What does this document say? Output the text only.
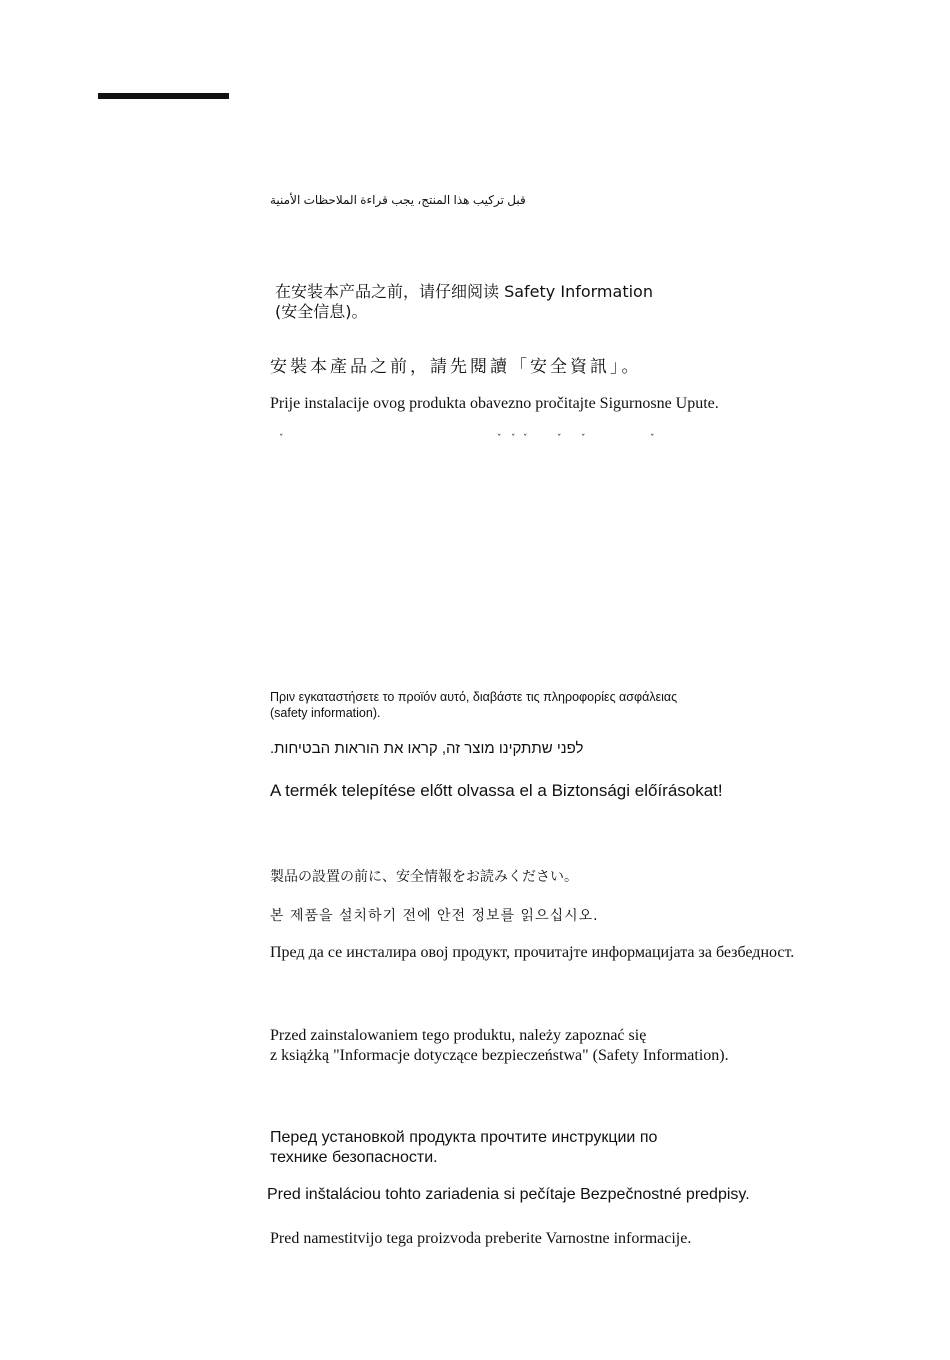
قبل تركيب هذا المنتج، يجب قراءة الملاحظات الأمنية
在安装本产品之前，请仔细阅读 Safety Information
(安全信息)。
安裝本產品之前，請先閱讀「安全資訊」。
Prije instalacije ovog produkta obavezno pročitajte Sigurnosne Upute.
ˇ	ˇ ˇ ˇ	ˇ ˇ	ˇ
Πριν εγκαταστήσετε το προϊόν αυτό, διαβάστε τις πληροφορίες ασφάλειας
(safety information).
לפני שתתקינו מוצר זה, קראו את הוראות הבטיחות.
A termék telepítése előtt olvassa el a Biztonsági előírásokat!
製品の設置の前に、安全情報をお読みください。
본 제품을 설치하기 전에 안전 정보를 읽으십시오.
Пред да се инсталира овој продукт, прочитајте информацијата за безбедност.
Przed zainstalowaniem tego produktu, należy zapoznać się
z książką "Informacje dotyczące bezpieczeństwa" (Safety Information).
Перед установкой продукта прочтите инструкции по
технике безопасности.
Pred inštaláciou tohto zariadenia si pečítaje Bezpečnostné predpisy.
Pred namestitvijo tega proizvoda preberite Varnostne informacije.
